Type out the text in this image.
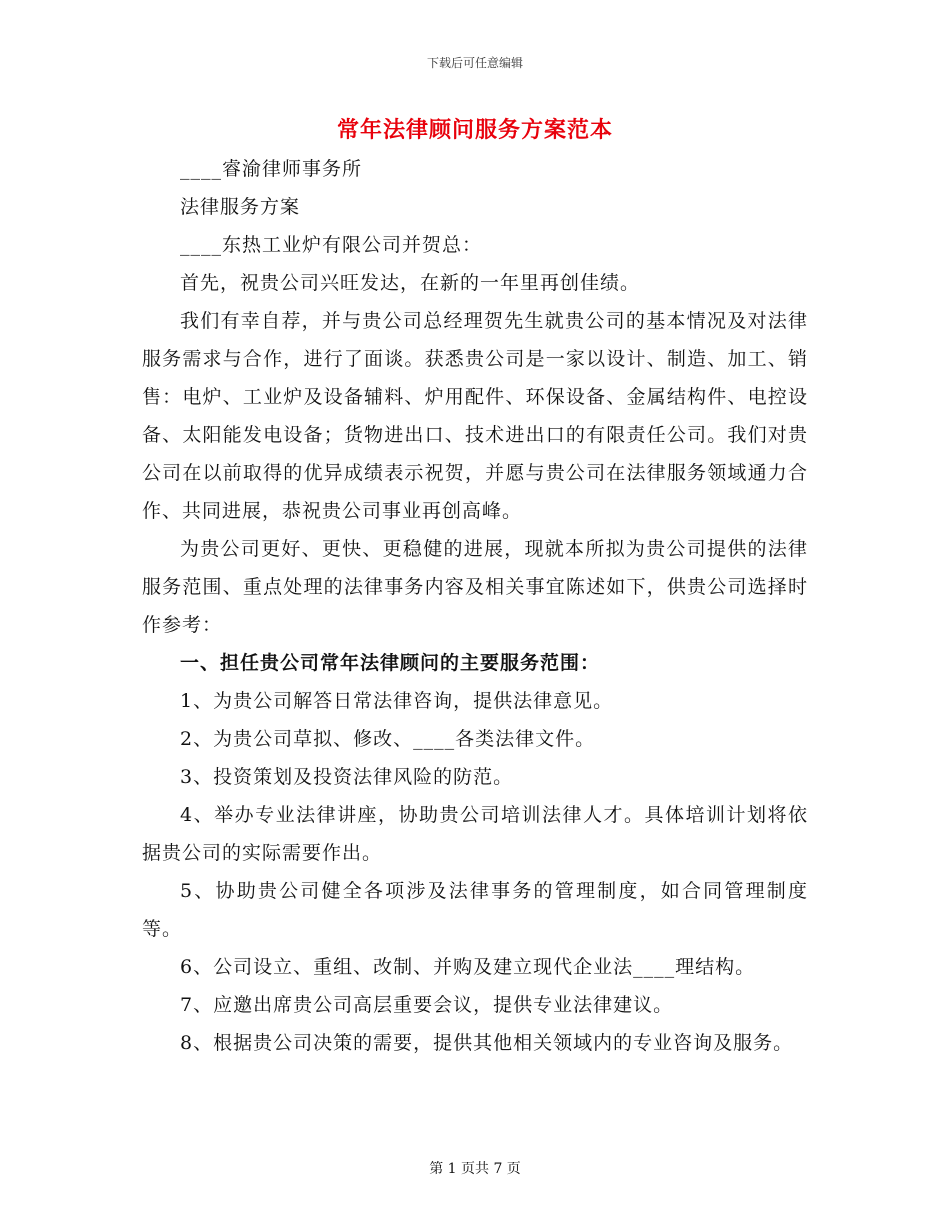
下载后可任意编辑
常年法律顾问服务方案范本

____睿渝律师事务所

法律服务方案

____东热工业炉有限公司并贺总：

首先，祝贵公司兴旺发达，在新的一年里再创佳绩。

我们有幸自荐，并与贵公司总经理贺先生就贵公司的基本情况及对法律服务需求与合作，进行了面谈。获悉贵公司是一家以设计、制造、加工、销售：电炉、工业炉及设备辅料、炉用配件、环保设备、金属结构件、电控设备、太阳能发电设备；货物进出口、技术进出口的有限责任公司。我们对贵公司在以前取得的优异成绩表示祝贺，并愿与贵公司在法律服务领域通力合作、共同进展，恭祝贵公司事业再创高峰。

为贵公司更好、更快、更稳健的进展，现就本所拟为贵公司提供的法律服务范围、重点处理的法律事务内容及相关事宜陈述如下，供贵公司选择时作参考：

一、担任贵公司常年法律顾问的主要服务范围：

1、为贵公司解答日常法律咨询，提供法律意见。

2、为贵公司草拟、修改、____各类法律文件。

3、投资策划及投资法律风险的防范。

4、举办专业法律讲座，协助贵公司培训法律人才。具体培训计划将依据贵公司的实际需要作出。

5、协助贵公司健全各项涉及法律事务的管理制度，如合同管理制度等。

6、公司设立、重组、改制、并购及建立现代企业法____理结构。

7、应邀出席贵公司高层重要会议，提供专业法律建议。

8、根据贵公司决策的需要，提供其他相关领域内的专业咨询及服务。

第 1 页共 7 页
